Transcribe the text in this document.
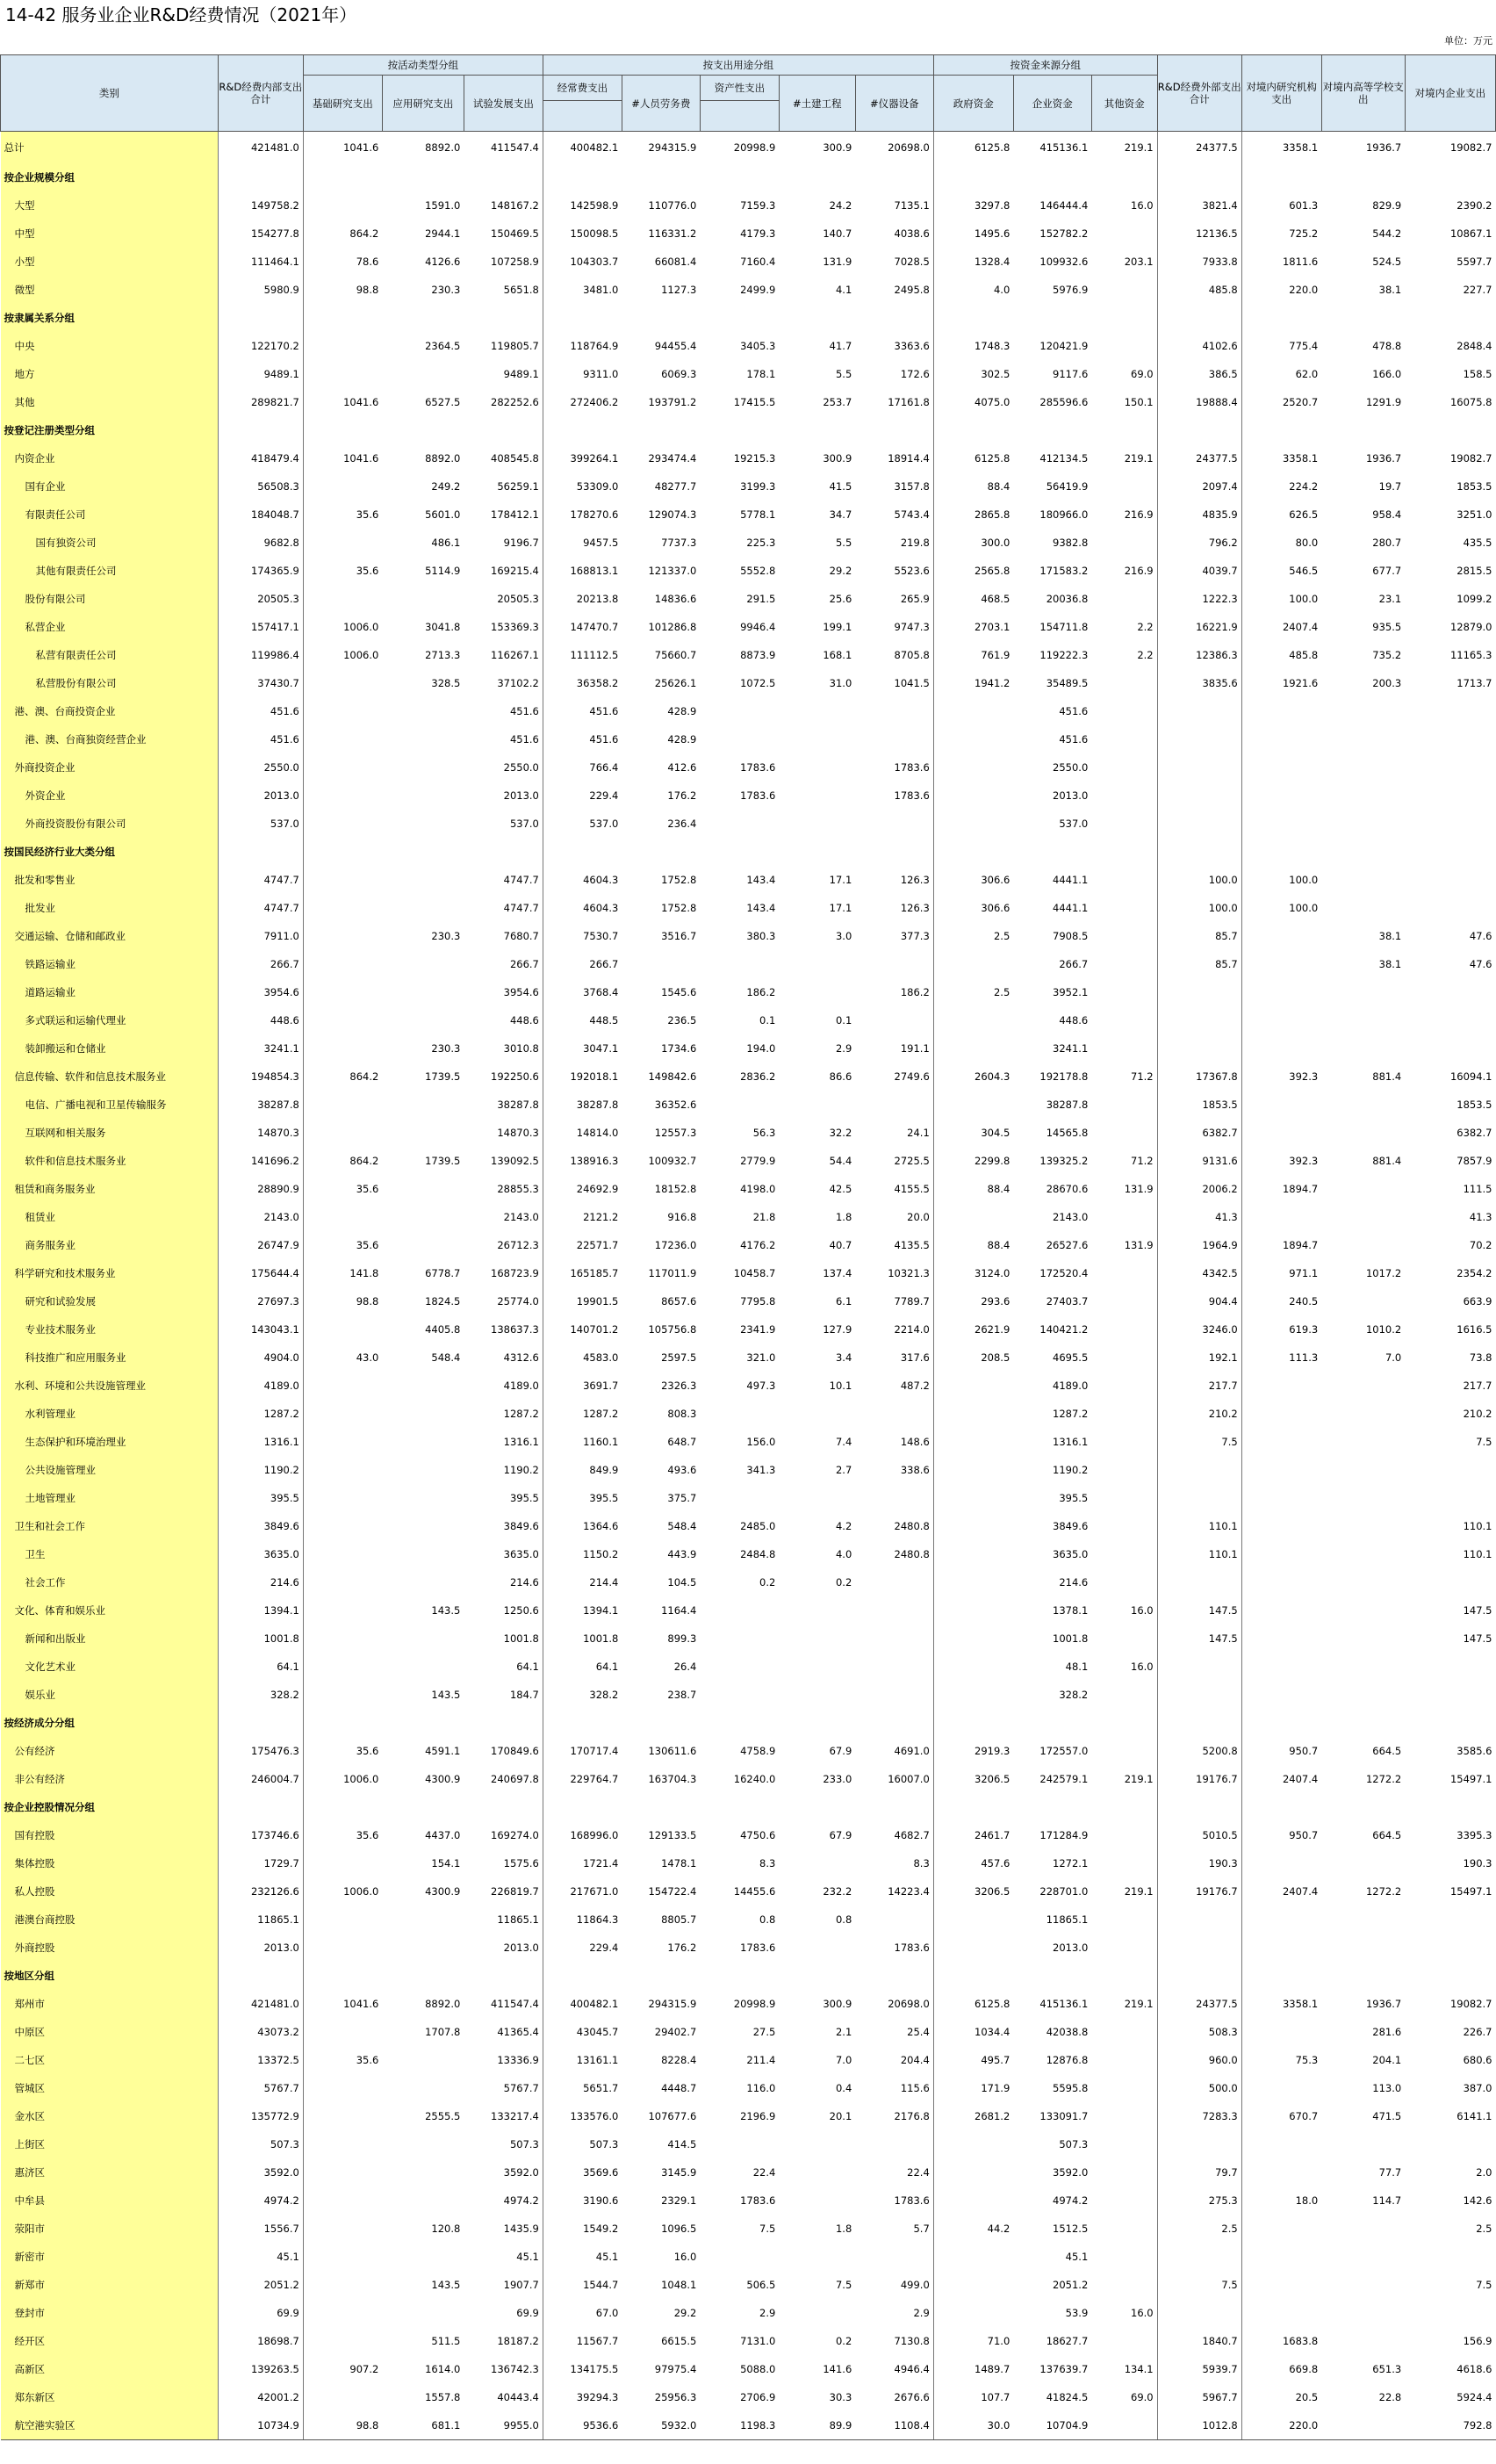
14-42 服务业企业R&D经费情况（2021年）
单位：万元
类别	R&D经费内部支出合计	按活动类型分组			按支出用途分组					按资金来源分组			R&D经费外部支出合计	对境内研究机构支出	对境内高等学校支出	对境内企业支出
		基础研究支出	应用研究支出	试验发展支出	经常费支出	#人员劳务费	资产性支出	#土建工程	#仪器设备	政府资金	企业资金	其他资金				

总计	421481.0	1041.6	8892.0	411547.4	400482.1	294315.9	20998.9	300.9	20698.0	6125.8	415136.1	219.1	24377.5	3358.1	1936.7	19082.7
按企业规模分组																
大型	149758.2		1591.0	148167.2	142598.9	110776.0	7159.3	24.2	7135.1	3297.8	146444.4	16.0	3821.4	601.3	829.9	2390.2
中型	154277.8	864.2	2944.1	150469.5	150098.5	116331.2	4179.3	140.7	4038.6	1495.6	152782.2		12136.5	725.2	544.2	10867.1
小型	111464.1	78.6	4126.6	107258.9	104303.7	66081.4	7160.4	131.9	7028.5	1328.4	109932.6	203.1	7933.8	1811.6	524.5	5597.7
微型	5980.9	98.8	230.3	5651.8	3481.0	1127.3	2499.9	4.1	2495.8	4.0	5976.9		485.8	220.0	38.1	227.7
按隶属关系分组																
中央	122170.2		2364.5	119805.7	118764.9	94455.4	3405.3	41.7	3363.6	1748.3	120421.9		4102.6	775.4	478.8	2848.4
地方	9489.1			9489.1	9311.0	6069.3	178.1	5.5	172.6	302.5	9117.6	69.0	386.5	62.0	166.0	158.5
其他	289821.7	1041.6	6527.5	282252.6	272406.2	193791.2	17415.5	253.7	17161.8	4075.0	285596.6	150.1	19888.4	2520.7	1291.9	16075.8
按登记注册类型分组																
内资企业	418479.4	1041.6	8892.0	408545.8	399264.1	293474.4	19215.3	300.9	18914.4	6125.8	412134.5	219.1	24377.5	3358.1	1936.7	19082.7
国有企业	56508.3		249.2	56259.1	53309.0	48277.7	3199.3	41.5	3157.8	88.4	56419.9		2097.4	224.2	19.7	1853.5
有限责任公司	184048.7	35.6	5601.0	178412.1	178270.6	129074.3	5778.1	34.7	5743.4	2865.8	180966.0	216.9	4835.9	626.5	958.4	3251.0
国有独资公司	9682.8		486.1	9196.7	9457.5	7737.3	225.3	5.5	219.8	300.0	9382.8		796.2	80.0	280.7	435.5
其他有限责任公司	174365.9	35.6	5114.9	169215.4	168813.1	121337.0	5552.8	29.2	5523.6	2565.8	171583.2	216.9	4039.7	546.5	677.7	2815.5
股份有限公司	20505.3			20505.3	20213.8	14836.6	291.5	25.6	265.9	468.5	20036.8		1222.3	100.0	23.1	1099.2
私营企业	157417.1	1006.0	3041.8	153369.3	147470.7	101286.8	9946.4	199.1	9747.3	2703.1	154711.8	2.2	16221.9	2407.4	935.5	12879.0
私营有限责任公司	119986.4	1006.0	2713.3	116267.1	111112.5	75660.7	8873.9	168.1	8705.8	761.9	119222.3	2.2	12386.3	485.8	735.2	11165.3
私营股份有限公司	37430.7		328.5	37102.2	36358.2	25626.1	1072.5	31.0	1041.5	1941.2	35489.5		3835.6	1921.6	200.3	1713.7
港、澳、台商投资企业	451.6			451.6	451.6	428.9					451.6					
港、澳、台商独资经营企业	451.6			451.6	451.6	428.9					451.6					
外商投资企业	2550.0			2550.0	766.4	412.6	1783.6		1783.6		2550.0					
外资企业	2013.0			2013.0	229.4	176.2	1783.6		1783.6		2013.0					
外商投资股份有限公司	537.0			537.0	537.0	236.4					537.0					
按国民经济行业大类分组																
批发和零售业	4747.7			4747.7	4604.3	1752.8	143.4	17.1	126.3	306.6	4441.1		100.0	100.0		
批发业	4747.7			4747.7	4604.3	1752.8	143.4	17.1	126.3	306.6	4441.1		100.0	100.0		
交通运输、仓储和邮政业	7911.0		230.3	7680.7	7530.7	3516.7	380.3	3.0	377.3	2.5	7908.5		85.7		38.1	47.6
铁路运输业	266.7			266.7	266.7						266.7		85.7		38.1	47.6
道路运输业	3954.6			3954.6	3768.4	1545.6	186.2		186.2	2.5	3952.1					
多式联运和运输代理业	448.6			448.6	448.5	236.5	0.1	0.1			448.6					
装卸搬运和仓储业	3241.1		230.3	3010.8	3047.1	1734.6	194.0	2.9	191.1		3241.1					
信息传输、软件和信息技术服务业	194854.3	864.2	1739.5	192250.6	192018.1	149842.6	2836.2	86.6	2749.6	2604.3	192178.8	71.2	17367.8	392.3	881.4	16094.1
电信、广播电视和卫星传输服务	38287.8			38287.8	38287.8	36352.6					38287.8		1853.5			1853.5
互联网和相关服务	14870.3			14870.3	14814.0	12557.3	56.3	32.2	24.1	304.5	14565.8		6382.7			6382.7
软件和信息技术服务业	141696.2	864.2	1739.5	139092.5	138916.3	100932.7	2779.9	54.4	2725.5	2299.8	139325.2	71.2	9131.6	392.3	881.4	7857.9
租赁和商务服务业	28890.9	35.6		28855.3	24692.9	18152.8	4198.0	42.5	4155.5	88.4	28670.6	131.9	2006.2	1894.7		111.5
租赁业	2143.0			2143.0	2121.2	916.8	21.8	1.8	20.0		2143.0		41.3			41.3
商务服务业	26747.9	35.6		26712.3	22571.7	17236.0	4176.2	40.7	4135.5	88.4	26527.6	131.9	1964.9	1894.7		70.2
科学研究和技术服务业	175644.4	141.8	6778.7	168723.9	165185.7	117011.9	10458.7	137.4	10321.3	3124.0	172520.4		4342.5	971.1	1017.2	2354.2
研究和试验发展	27697.3	98.8	1824.5	25774.0	19901.5	8657.6	7795.8	6.1	7789.7	293.6	27403.7		904.4	240.5		663.9
专业技术服务业	143043.1		4405.8	138637.3	140701.2	105756.8	2341.9	127.9	2214.0	2621.9	140421.2		3246.0	619.3	1010.2	1616.5
科技推广和应用服务业	4904.0	43.0	548.4	4312.6	4583.0	2597.5	321.0	3.4	317.6	208.5	4695.5		192.1	111.3	7.0	73.8
水利、环境和公共设施管理业	4189.0			4189.0	3691.7	2326.3	497.3	10.1	487.2		4189.0		217.7			217.7
水利管理业	1287.2			1287.2	1287.2	808.3					1287.2		210.2			210.2
生态保护和环境治理业	1316.1			1316.1	1160.1	648.7	156.0	7.4	148.6		1316.1		7.5			7.5
公共设施管理业	1190.2			1190.2	849.9	493.6	341.3	2.7	338.6		1190.2					
土地管理业	395.5			395.5	395.5	375.7					395.5					
卫生和社会工作	3849.6			3849.6	1364.6	548.4	2485.0	4.2	2480.8		3849.6		110.1			110.1
卫生	3635.0			3635.0	1150.2	443.9	2484.8	4.0	2480.8		3635.0		110.1			110.1
社会工作	214.6			214.6	214.4	104.5	0.2	0.2			214.6					
文化、体育和娱乐业	1394.1		143.5	1250.6	1394.1	1164.4					1378.1	16.0	147.5			147.5
新闻和出版业	1001.8			1001.8	1001.8	899.3					1001.8		147.5			147.5
文化艺术业	64.1			64.1	64.1	26.4					48.1	16.0				
娱乐业	328.2		143.5	184.7	328.2	238.7					328.2					
按经济成分分组																
公有经济	175476.3	35.6	4591.1	170849.6	170717.4	130611.6	4758.9	67.9	4691.0	2919.3	172557.0		5200.8	950.7	664.5	3585.6
非公有经济	246004.7	1006.0	4300.9	240697.8	229764.7	163704.3	16240.0	233.0	16007.0	3206.5	242579.1	219.1	19176.7	2407.4	1272.2	15497.1
按企业控股情况分组																
国有控股	173746.6	35.6	4437.0	169274.0	168996.0	129133.5	4750.6	67.9	4682.7	2461.7	171284.9		5010.5	950.7	664.5	3395.3
集体控股	1729.7		154.1	1575.6	1721.4	1478.1	8.3		8.3	457.6	1272.1		190.3			190.3
私人控股	232126.6	1006.0	4300.9	226819.7	217671.0	154722.4	14455.6	232.2	14223.4	3206.5	228701.0	219.1	19176.7	2407.4	1272.2	15497.1
港澳台商控股	11865.1			11865.1	11864.3	8805.7	0.8	0.8			11865.1					
外商控股	2013.0			2013.0	229.4	176.2	1783.6		1783.6		2013.0					
按地区分组																
郑州市	421481.0	1041.6	8892.0	411547.4	400482.1	294315.9	20998.9	300.9	20698.0	6125.8	415136.1	219.1	24377.5	3358.1	1936.7	19082.7
中原区	43073.2		1707.8	41365.4	43045.7	29402.7	27.5	2.1	25.4	1034.4	42038.8		508.3		281.6	226.7
二七区	13372.5	35.6		13336.9	13161.1	8228.4	211.4	7.0	204.4	495.7	12876.8		960.0	75.3	204.1	680.6
管城区	5767.7			5767.7	5651.7	4448.7	116.0	0.4	115.6	171.9	5595.8		500.0		113.0	387.0
金水区	135772.9		2555.5	133217.4	133576.0	107677.6	2196.9	20.1	2176.8	2681.2	133091.7		7283.3	670.7	471.5	6141.1
上街区	507.3			507.3	507.3	414.5					507.3					
惠济区	3592.0			3592.0	3569.6	3145.9	22.4		22.4		3592.0		79.7		77.7	2.0
中牟县	4974.2			4974.2	3190.6	2329.1	1783.6		1783.6		4974.2		275.3	18.0	114.7	142.6
荥阳市	1556.7		120.8	1435.9	1549.2	1096.5	7.5	1.8	5.7	44.2	1512.5		2.5			2.5
新密市	45.1			45.1	45.1	16.0					45.1					
新郑市	2051.2		143.5	1907.7	1544.7	1048.1	506.5	7.5	499.0		2051.2		7.5			7.5
登封市	69.9			69.9	67.0	29.2	2.9		2.9		53.9	16.0				
经开区	18698.7		511.5	18187.2	11567.7	6615.5	7131.0	0.2	7130.8	71.0	18627.7		1840.7	1683.8		156.9
高新区	139263.5	907.2	1614.0	136742.3	134175.5	97975.4	5088.0	141.6	4946.4	1489.7	137639.7	134.1	5939.7	669.8	651.3	4618.6
郑东新区	42001.2		1557.8	40443.4	39294.3	25956.3	2706.9	30.3	2676.6	107.7	41824.5	69.0	5967.7	20.5	22.8	5924.4
航空港实验区	10734.9	98.8	681.1	9955.0	9536.6	5932.0	1198.3	89.9	1108.4	30.0	10704.9		1012.8	220.0		792.8
